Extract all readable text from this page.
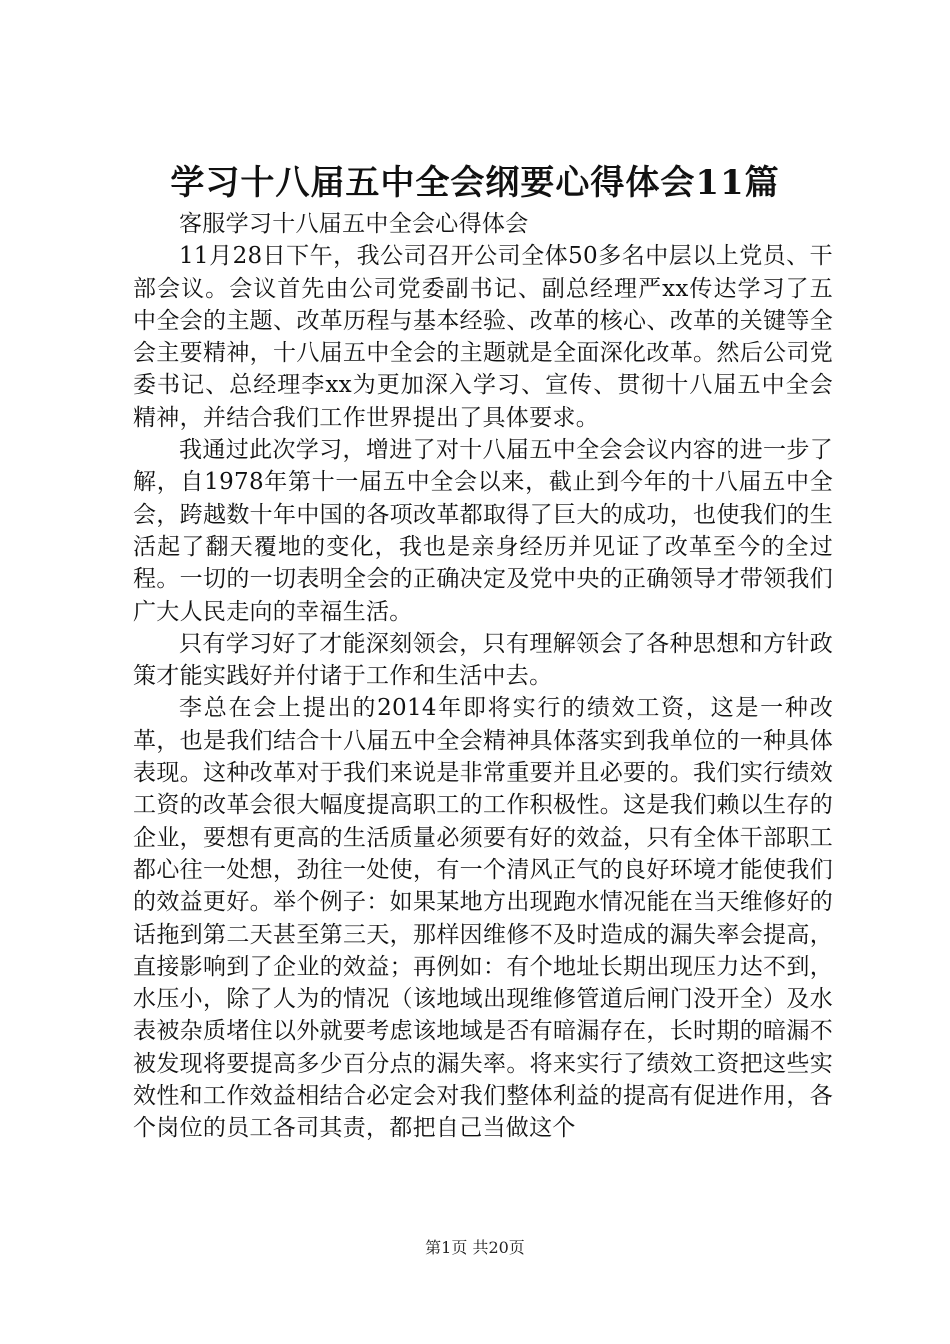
学习十八届五中全会纲要心得体会11篇

客服学习十八届五中全会心得体会

11月28日下午，我公司召开公司全体50多名中层以上党员、干部会议。会议首先由公司党委副书记、副总经理严xx传达学习了五中全会的主题、改革历程与基本经验、改革的核心、改革的关键等全会主要精神，十八届五中全会的主题就是全面深化改革。然后公司党委书记、总经理李xx为更加深入学习、宣传、贯彻十八届五中全会精神，并结合我们工作世界提出了具体要求。

我通过此次学习，增进了对十八届五中全会会议内容的进一步了解，自1978年第十一届五中全会以来，截止到今年的十八届五中全会，跨越数十年中国的各项改革都取得了巨大的成功，也使我们的生活起了翻天覆地的变化，我也是亲身经历并见证了改革至今的全过程。一切的一切表明全会的正确决定及党中央的正确领导才带领我们广大人民走向的幸福生活。

只有学习好了才能深刻领会，只有理解领会了各种思想和方针政策才能实践好并付诸于工作和生活中去。

李总在会上提出的2014年即将实行的绩效工资，这是一种改革，也是我们结合十八届五中全会精神具体落实到我单位的一种具体表现。这种改革对于我们来说是非常重要并且必要的。我们实行绩效工资的改革会很大幅度提高职工的工作积极性。这是我们赖以生存的企业，要想有更高的生活质量必须要有好的效益，只有全体干部职工都心往一处想，劲往一处使，有一个清风正气的良好环境才能使我们的效益更好。举个例子：如果某地方出现跑水情况能在当天维修好的话拖到第二天甚至第三天，那样因维修不及时造成的漏失率会提高，直接影响到了企业的效益；再例如：有个地址长期出现压力达不到，水压小，除了人为的情况（该地域出现维修管道后闸门没开全）及水表被杂质堵住以外就要考虑该地域是否有暗漏存在，长时期的暗漏不被发现将要提高多少百分点的漏失率。将来实行了绩效工资把这些实效性和工作效益相结合必定会对我们整体利益的提高有促进作用，各个岗位的员工各司其责，都把自己当做这个

第1页 共20页
